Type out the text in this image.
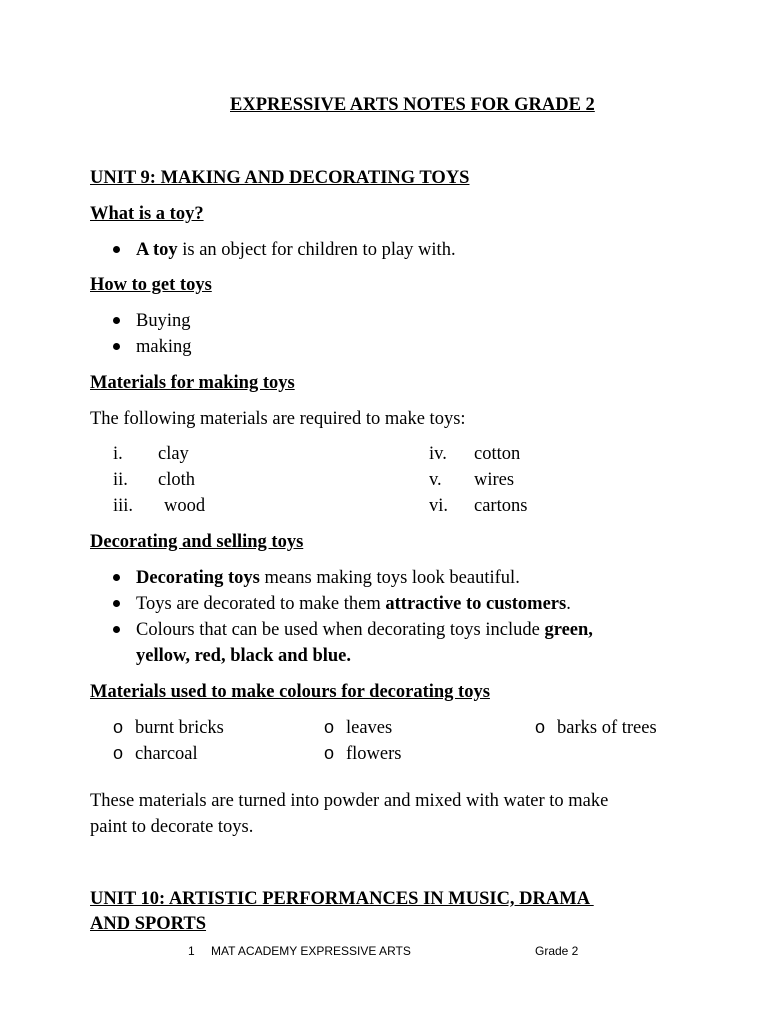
EXPRESSIVE ARTS NOTES FOR GRADE 2
UNIT 9: MAKING AND DECORATING TOYS
What is a toy?
A toy is an object for children to play with.
How to get toys
Buying
making
Materials for making toys
The following materials are required to make toys:
i. clay
ii. cloth
iii. wood
iv. cotton
v. wires
vi. cartons
Decorating and selling toys
Decorating toys means making toys look beautiful.
Toys are decorated to make them attractive to customers.
Colours that can be used when decorating toys include green,
yellow, red, black and blue.
Materials used to make colours for decorating toys
o burnt bricks	o leaves	o barks of trees
o charcoal	o flowers
These materials are turned into powder and mixed with water to make
paint to decorate toys.
UNIT 10: ARTISTIC PERFORMANCES IN MUSIC, DRAMA
AND SPORTS
1 MAT ACADEMY EXPRESSIVE ARTS	Grade 2
